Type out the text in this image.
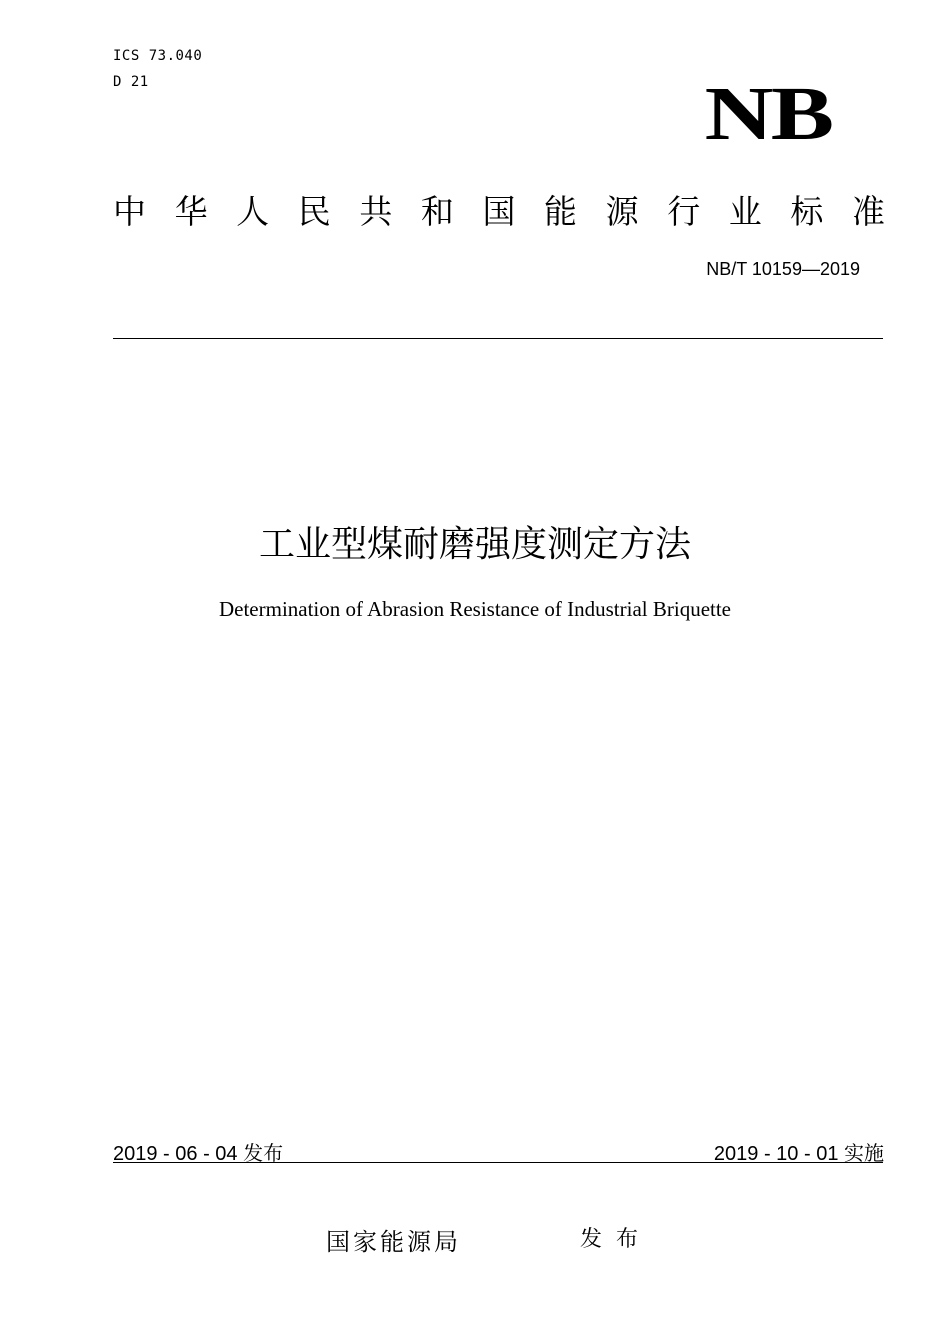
ICS 73.040
D 21	NB
中 华 人 民 共 和 国 能 源 行 业 标 准
NB/T 10159—2019
工业型煤耐磨强度测定方法
Determination of Abrasion Resistance of Industrial Briquette
2019 - 06 - 04 发布	2019 - 10 - 01 实施
国家能源局	发布
